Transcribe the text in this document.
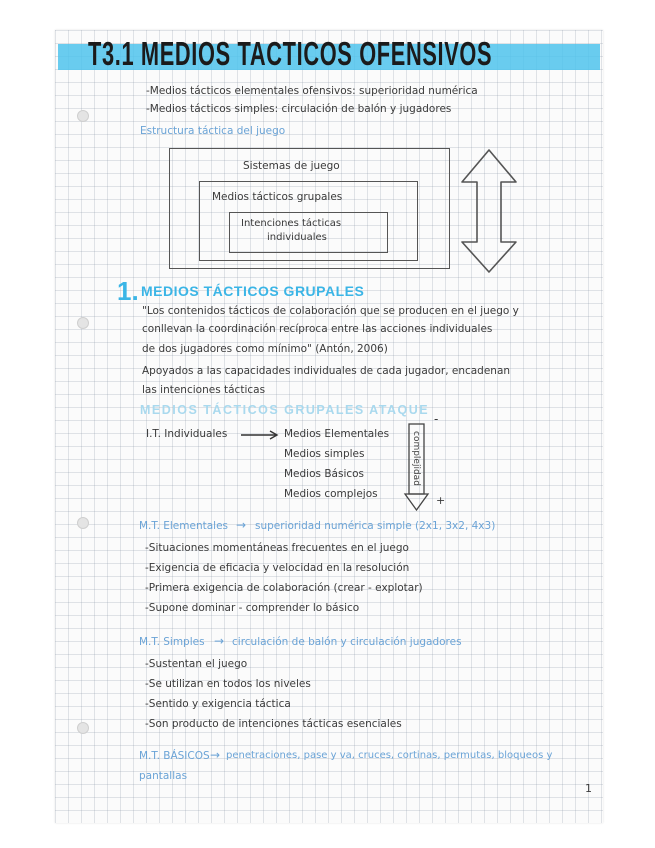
T3.1 MEDIOS TACTICOS OFENSIVOS
-Medios tácticos elementales ofensivos: superioridad numérica
-Medios tácticos simples: circulación de balón y jugadores
Estructura táctica del juego
Sistemas de juego
Medios tácticos grupales
Intenciones tácticas
individuales
1. MEDIOS TÁCTICOS GRUPALES
"Los contenidos tácticos de colaboración que se producen en el juego y
conllevan la coordinación recíproca entre las acciones individuales
de dos jugadores como mínimo" (Antón, 2006)
Apoyados a las capacidades individuales de cada jugador, encadenan
las intenciones tácticas
MEDIOS TÁCTICOS GRUPALES ATAQUE
I.T. Individuales	Medios Elementales
Medios simples
Medios Básicos
Medios complejos
complejidad
-
+
M.T. Elementales → superioridad numérica simple (2x1, 3x2, 4x3)
-Situaciones momentáneas frecuentes en el juego
-Exigencia de eficacia y velocidad en la resolución
-Primera exigencia de colaboración (crear - explotar)
-Supone dominar - comprender lo básico
M.T. Simples → circulación de balón y circulación jugadores
-Sustentan el juego
-Se utilizan en todos los niveles
-Sentido y exigencia táctica
-Son producto de intenciones tácticas esenciales
M.T. BÁSICOS → penetraciones, pase y va, cruces, cortinas, permutas, bloqueos y
pantallas
1
